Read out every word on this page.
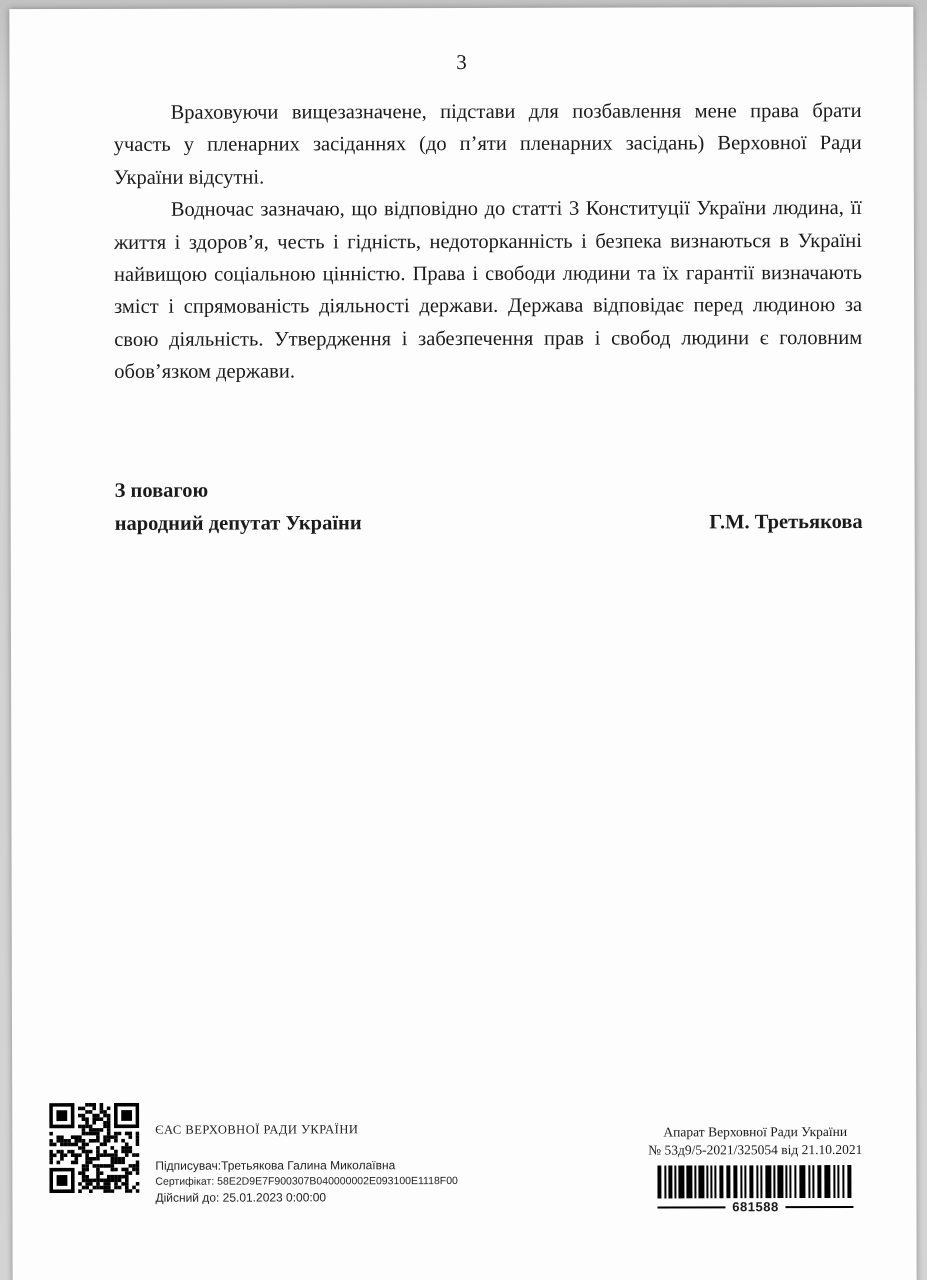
3

Враховуючи вищезазначене, підстави для позбавлення мене права брати участь у пленарних засіданнях (до п’яти пленарних засідань) Верховної Ради України відсутні.

Водночас зазначаю, що відповідно до статті 3 Конституції України людина, її життя і здоров’я, честь і гідність, недоторканність і безпека визнаються в Україні найвищою соціальною цінністю. Права і свободи людини та їх гарантії визначають зміст і спрямованість діяльності держави. Держава відповідає перед людиною за свою діяльність. Утвердження і забезпечення прав і свобод людини є головним обов’язком держави.

З повагою
народний депутат України	Г.М. Третьякова
ЄАС ВЕРХОВНОЇ РАДИ УКРАЇНИ
Підписувач:Третьякова Галина Миколаївна
Сертифікат: 58E2D9E7F900307B040000002E093100E1118F00
Дійсний до: 25.01.2023 0:00:00
Апарат Верховної Ради України
№ 53д9/5-2021/325054 від 21.10.2021
681588
